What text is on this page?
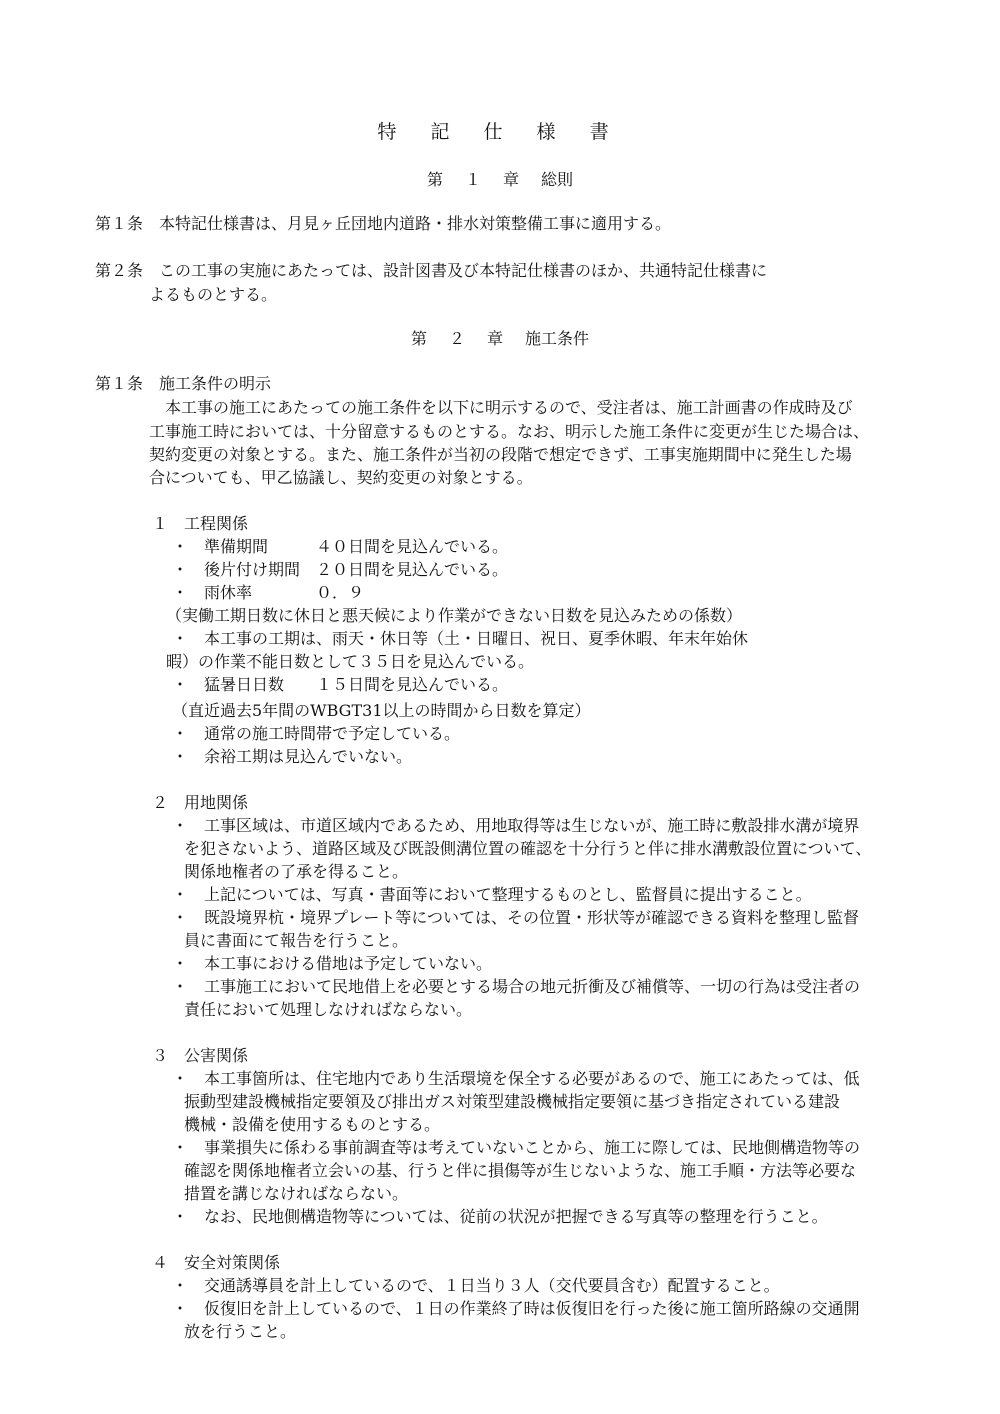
特 記 仕 様 書
第 １ 章 総則
第１条　本特記仕様書は、月見ヶ丘団地内道路・排水対策整備工事に適用する。
第２条　この工事の実施にあたっては、設計図書及び本特記仕様書のほか、共通特記仕様書に
よるものとする。
第 ２ 章 施工条件
第１条　施工条件の明示
本工事の施工にあたっての施工条件を以下に明示するので、受注者は、施工計画書の作成時及び
工事施工時においては、十分留意するものとする。なお、明示した施工条件に変更が生じた場合は、
契約変更の対象とする。また、施工条件が当初の段階で想定できず、工事実施期間中に発生した場
合についても、甲乙協議し、契約変更の対象とする。
１　工程関係
・　準備期間　　　４０日間を見込んでいる。
・　後片付け期間　２０日間を見込んでいる。
・　雨休率　　　　０．９
（実働工期日数に休日と悪天候により作業ができない日数を見込みための係数）
・　本工事の工期は、雨天・休日等（土・日曜日、祝日、夏季休暇、年末年始休
暇）の作業不能日数として３５日を見込んでいる。
・　猛暑日日数　　１５日間を見込んでいる。
（直近過去5年間のWBGT31以上の時間から日数を算定）
・　通常の施工時間帯で予定している。
・　余裕工期は見込んでいない。
２　用地関係
・　工事区域は、市道区域内であるため、用地取得等は生じないが、施工時に敷設排水溝が境界
を犯さないよう、道路区域及び既設側溝位置の確認を十分行うと伴に排水溝敷設位置について、
関係地権者の了承を得ること。
・　上記については、写真・書面等において整理するものとし、監督員に提出すること。
・　既設境界杭・境界プレート等については、その位置・形状等が確認できる資料を整理し監督
員に書面にて報告を行うこと。
・　本工事における借地は予定していない。
・　工事施工において民地借上を必要とする場合の地元折衝及び補償等、一切の行為は受注者の
責任において処理しなければならない。
３　公害関係
・　本工事箇所は、住宅地内であり生活環境を保全する必要があるので、施工にあたっては、低
振動型建設機械指定要領及び排出ガス対策型建設機械指定要領に基づき指定されている建設
機械・設備を使用するものとする。
・　事業損失に係わる事前調査等は考えていないことから、施工に際しては、民地側構造物等の
確認を関係地権者立会いの基、行うと伴に損傷等が生じないような、施工手順・方法等必要な
措置を講じなければならない。
・　なお、民地側構造物等については、従前の状況が把握できる写真等の整理を行うこと。
４　安全対策関係
・　交通誘導員を計上しているので、１日当り３人（交代要員含む）配置すること。
・　仮復旧を計上しているので、１日の作業終了時は仮復旧を行った後に施工箇所路線の交通開
放を行うこと。
